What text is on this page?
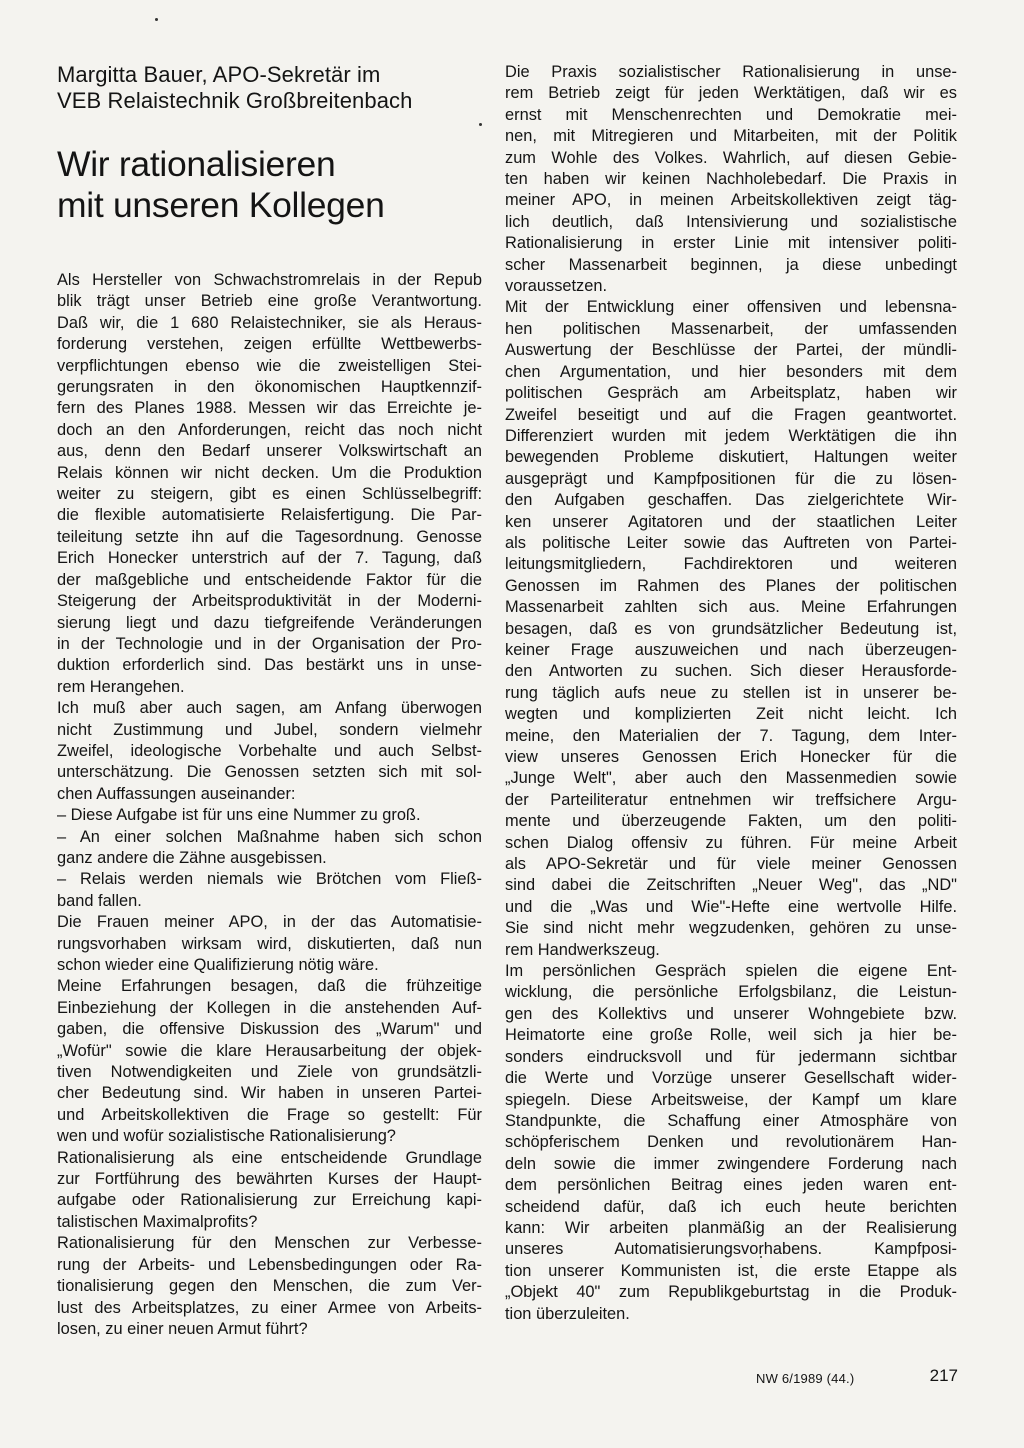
Margitta Bauer, APO-Sekretär im
VEB Relaistechnik Großbreitenbach
Wir rationalisieren
mit unseren Kollegen
Als Hersteller von Schwachstromrelais in der Repub
blik trägt unser Betrieb eine große Verantwortung.
Daß wir, die 1 680 Relaistechniker, sie als Heraus-
forderung verstehen, zeigen erfüllte Wettbewerbs-
verpflichtungen ebenso wie die zweistelligen Stei-
gerungsraten in den ökonomischen Hauptkennzif-
fern des Planes 1988. Messen wir das Erreichte je-
doch an den Anforderungen, reicht das noch nicht
aus, denn den Bedarf unserer Volkswirtschaft an
Relais können wir nicht decken. Um die Produktion
weiter zu steigern, gibt es einen Schlüsselbegriff:
die flexible automatisierte Relaisfertigung. Die Par-
teileitung setzte ihn auf die Tagesordnung. Genosse
Erich Honecker unterstrich auf der 7. Tagung, daß
der maßgebliche und entscheidende Faktor für die
Steigerung der Arbeitsproduktivität in der Moderni-
sierung liegt und dazu tiefgreifende Veränderungen
in der Technologie und in der Organisation der Pro-
duktion erforderlich sind. Das bestärkt uns in unse-
rem Herangehen.
Ich muß aber auch sagen, am Anfang überwogen
nicht Zustimmung und Jubel, sondern vielmehr
Zweifel, ideologische Vorbehalte und auch Selbst-
unterschätzung. Die Genossen setzten sich mit sol-
chen Auffassungen auseinander:
– Diese Aufgabe ist für uns eine Nummer zu groß.
– An einer solchen Maßnahme haben sich schon
ganz andere die Zähne ausgebissen.
– Relais werden niemals wie Brötchen vom Fließ-
band fallen.
Die Frauen meiner APO, in der das Automatisie-
rungsvorhaben wirksam wird, diskutierten, daß nun
schon wieder eine Qualifizierung nötig wäre.
Meine Erfahrungen besagen, daß die frühzeitige
Einbeziehung der Kollegen in die anstehenden Auf-
gaben, die offensive Diskussion des „Warum" und
„Wofür" sowie die klare Herausarbeitung der objek-
tiven Notwendigkeiten und Ziele von grundsätzli-
cher Bedeutung sind. Wir haben in unseren Partei-
und Arbeitskollektiven die Frage so gestellt: Für
wen und wofür sozialistische Rationalisierung?
Rationalisierung als eine entscheidende Grundlage
zur Fortführung des bewährten Kurses der Haupt-
aufgabe oder Rationalisierung zur Erreichung kapi-
talistischen Maximalprofits?
Rationalisierung für den Menschen zur Verbesse-
rung der Arbeits- und Lebensbedingungen oder Ra-
tionalisierung gegen den Menschen, die zum Ver-
lust des Arbeitsplatzes, zu einer Armee von Arbeits-
losen, zu einer neuen Armut führt?
Die Praxis sozialistischer Rationalisierung in unse-
rem Betrieb zeigt für jeden Werktätigen, daß wir es
ernst mit Menschenrechten und Demokratie mei-
nen, mit Mitregieren und Mitarbeiten, mit der Politik
zum Wohle des Volkes. Wahrlich, auf diesen Gebie-
ten haben wir keinen Nachholebedarf. Die Praxis in
meiner APO, in meinen Arbeitskollektiven zeigt täg-
lich deutlich, daß Intensivierung und sozialistische
Rationalisierung in erster Linie mit intensiver politi-
scher Massenarbeit beginnen, ja diese unbedingt
voraussetzen.
Mit der Entwicklung einer offensiven und lebensna-
hen politischen Massenarbeit, der umfassenden
Auswertung der Beschlüsse der Partei, der mündli-
chen Argumentation, und hier besonders mit dem
politischen Gespräch am Arbeitsplatz, haben wir
Zweifel beseitigt und auf die Fragen geantwortet.
Differenziert wurden mit jedem Werktätigen die ihn
bewegenden Probleme diskutiert, Haltungen weiter
ausgeprägt und Kampfpositionen für die zu lösen-
den Aufgaben geschaffen. Das zielgerichtete Wir-
ken unserer Agitatoren und der staatlichen Leiter
als politische Leiter sowie das Auftreten von Partei-
leitungsmitgliedern, Fachdirektoren und weiteren
Genossen im Rahmen des Planes der politischen
Massenarbeit zahlten sich aus. Meine Erfahrungen
besagen, daß es von grundsätzlicher Bedeutung ist,
keiner Frage auszuweichen und nach überzeugen-
den Antworten zu suchen. Sich dieser Herausforde-
rung täglich aufs neue zu stellen ist in unserer be-
wegten und komplizierten Zeit nicht leicht. Ich
meine, den Materialien der 7. Tagung, dem Inter-
view unseres Genossen Erich Honecker für die
„Junge Welt", aber auch den Massenmedien sowie
der Parteiliteratur entnehmen wir treffsichere Argu-
mente und überzeugende Fakten, um den politi-
schen Dialog offensiv zu führen. Für meine Arbeit
als APO-Sekretär und für viele meiner Genossen
sind dabei die Zeitschriften „Neuer Weg", das „ND"
und die „Was und Wie"-Hefte eine wertvolle Hilfe.
Sie sind nicht mehr wegzudenken, gehören zu unse-
rem Handwerkszeug.
Im persönlichen Gespräch spielen die eigene Ent-
wicklung, die persönliche Erfolgsbilanz, die Leistun-
gen des Kollektivs und unserer Wohngebiete bzw.
Heimatorte eine große Rolle, weil sich ja hier be-
sonders eindrucksvoll und für jedermann sichtbar
die Werte und Vorzüge unserer Gesellschaft wider-
spiegeln. Diese Arbeitsweise, der Kampf um klare
Standpunkte, die Schaffung einer Atmosphäre von
schöpferischem Denken und revolutionärem Han-
deln sowie die immer zwingendere Forderung nach
dem persönlichen Beitrag eines jeden waren ent-
scheidend dafür, daß ich euch heute berichten
kann: Wir arbeiten planmäßig an der Realisierung
unseres Automatisierungsvorhabens. Kampfposi-
tion unserer Kommunisten ist, die erste Etappe als
„Objekt 40" zum Republikgeburtstag in die Produk-
tion überzuleiten.
NW 6/1989 (44.)	217
